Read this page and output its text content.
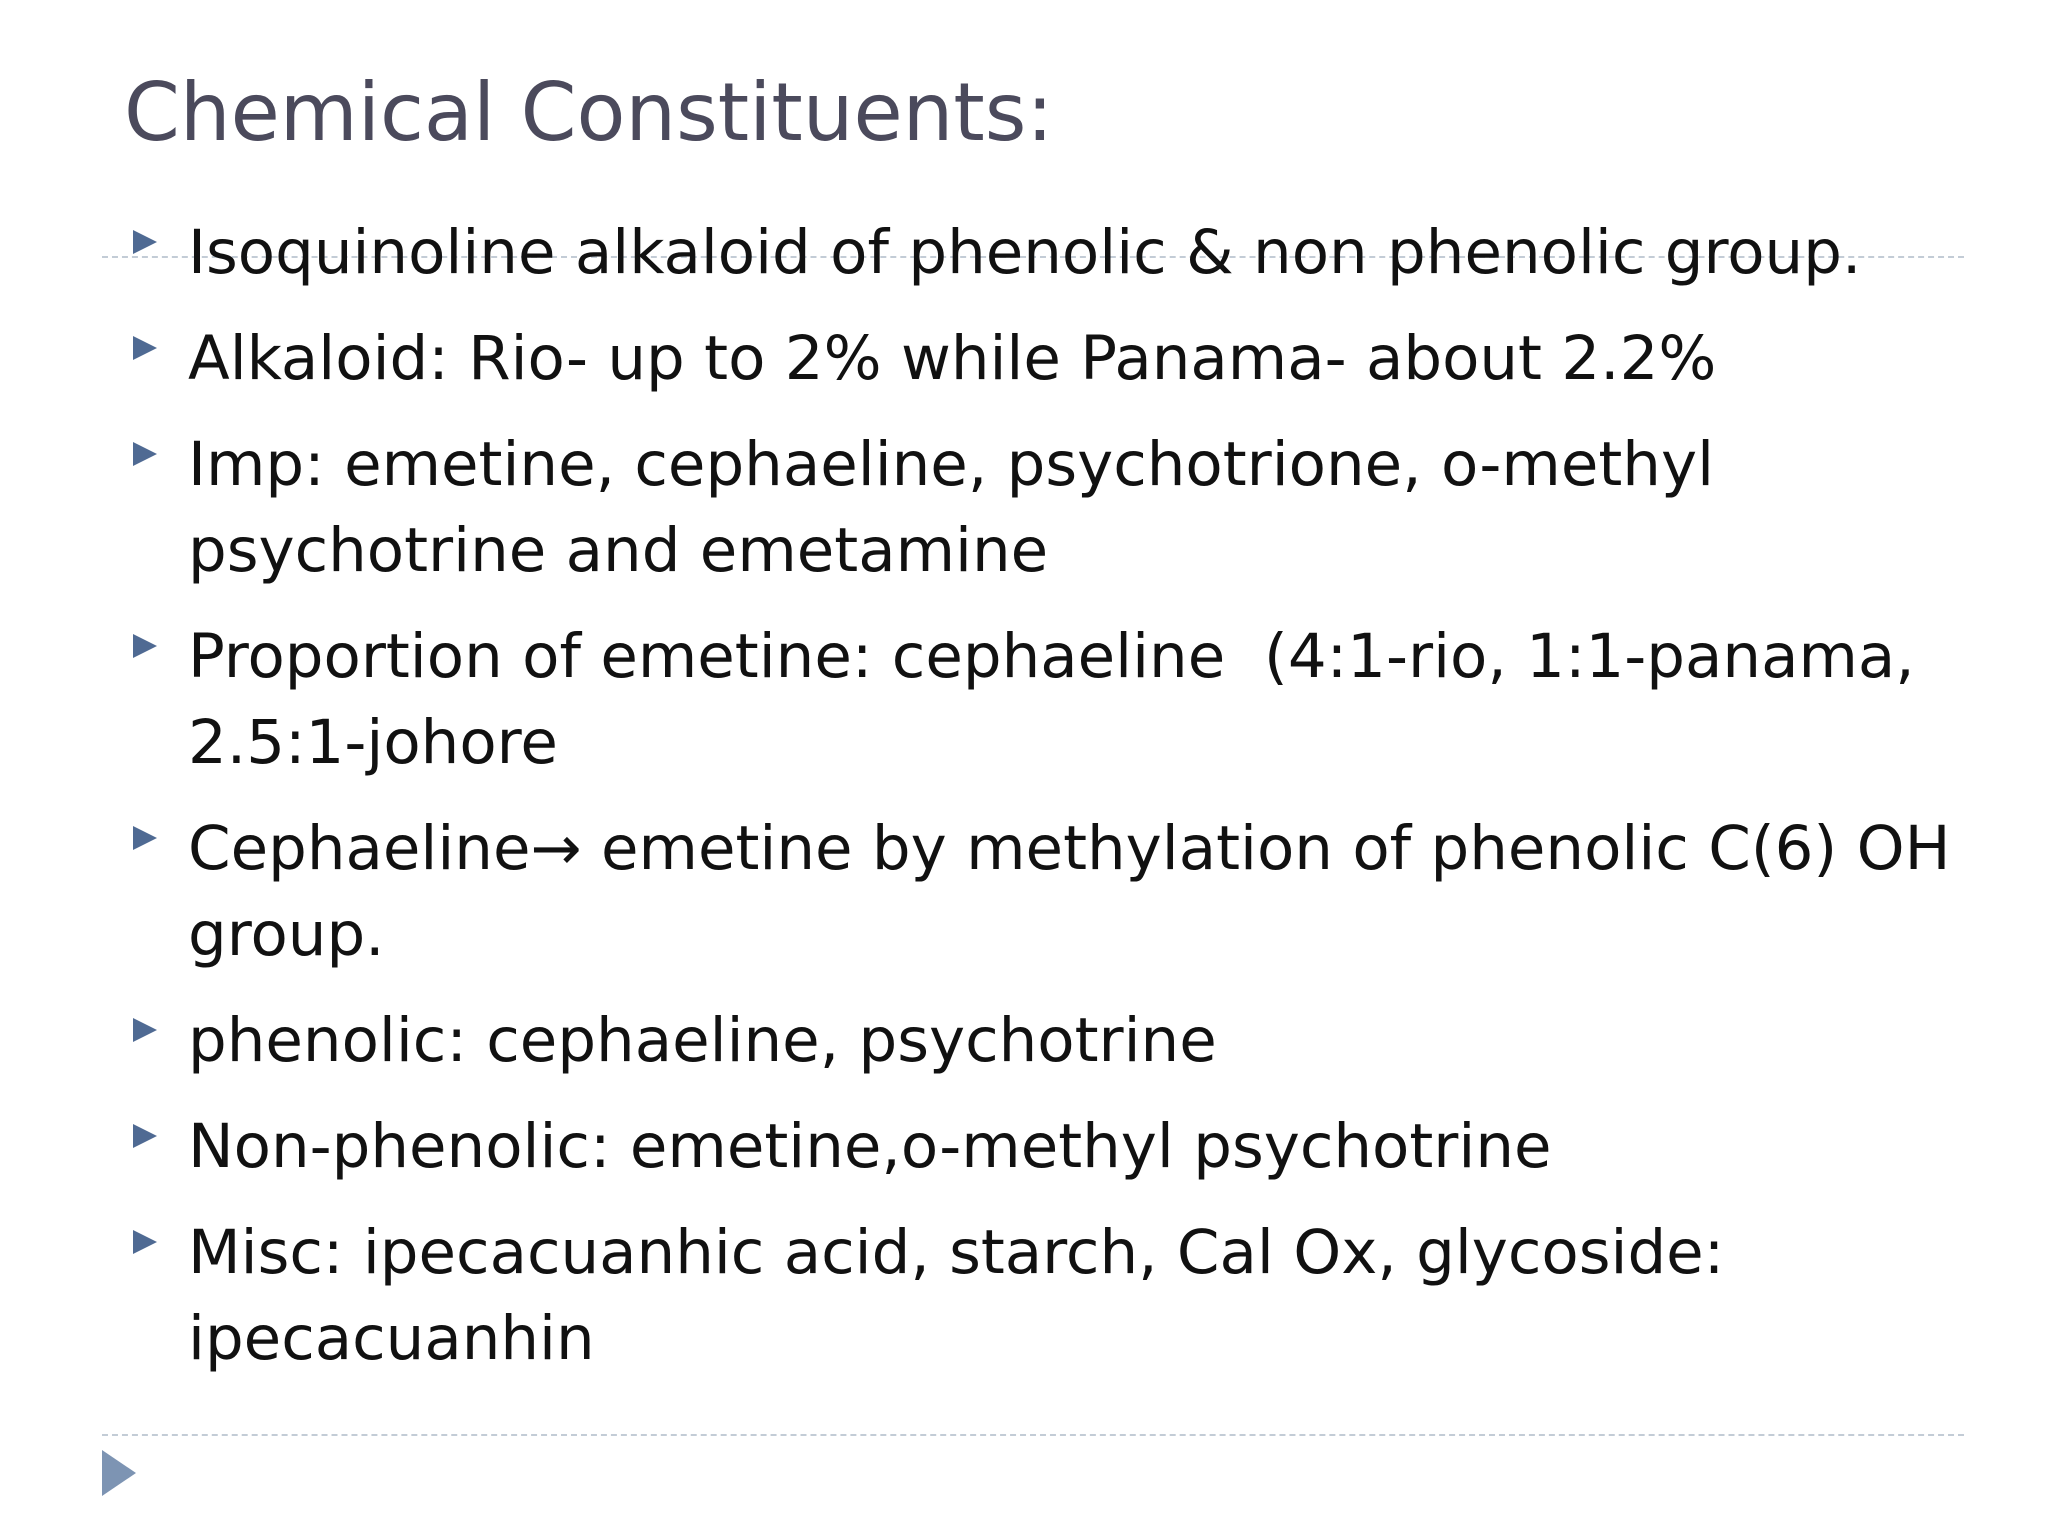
Chemical Constituents:
Isoquinoline alkaloid of phenolic & non phenolic group.
Alkaloid: Rio- up to 2% while Panama- about 2.2%
Imp: emetine, cephaeline, psychotrione, o-methyl psychotrine and emetamine
Proportion of emetine: cephaeline  (4:1-rio, 1:1-panama, 2.5:1-johore
Cephaeline→ emetine by methylation of phenolic C(6) OH group.
phenolic: cephaeline, psychotrine
Non-phenolic: emetine,o-methyl psychotrine
Misc: ipecacuanhic acid, starch, Cal Ox, glycoside: ipecacuanhin
